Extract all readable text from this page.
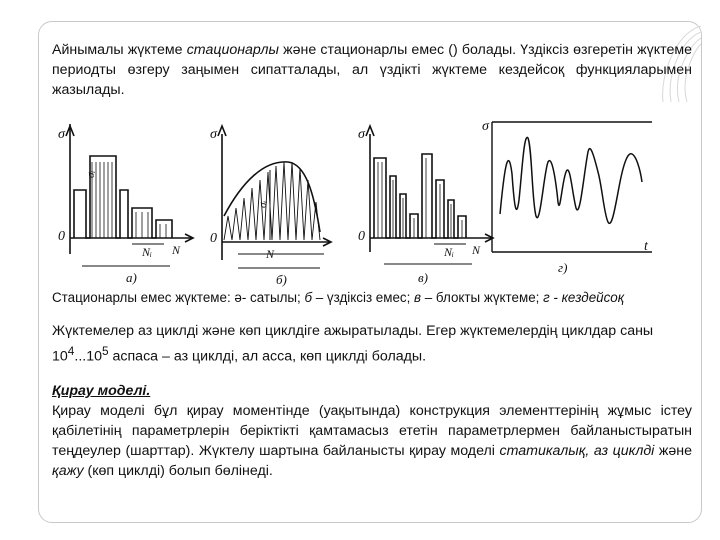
Айнымалы жүктеме стационарлы және стационарлы емес () болады. Үздіксіз өзгеретін жүктеме периодты өзгеру заңымен сипатталады, ал үздікті жүктеме кездейсоқ функцияларымен жазылады.

σ
0
Nᵢ N
а)
σᵢ
σ
0
σᵢ
N
б)
σ
0
Nᵢ N
в)
σ
t
г)
Стационарлы емес жүктеме: ә- сатылы; б – үздіксіз емес; в – блокты жүктеме; г - кездейсоқ

Жүктемелер аз циклді және көп циклдіге ажыратылады. Егер жүктемелердің циклдар саны $10^4...10^5$ аспаса – аз циклді, ал асса, көп циклді болады.

Қирау моделі.
Қирау моделі бұл қирау моментінде (уақытында) конструкция элементтерінің жұмыс істеу қабілетінің параметрлерін беріктікті қамтамасыз ететін параметрлермен байланыстыратын теңдеулер (шарттар). Жүктелу шартына байланысты қирау моделі статикалық, аз циклді және қажу (көп циклді) болып бөлінеді.
